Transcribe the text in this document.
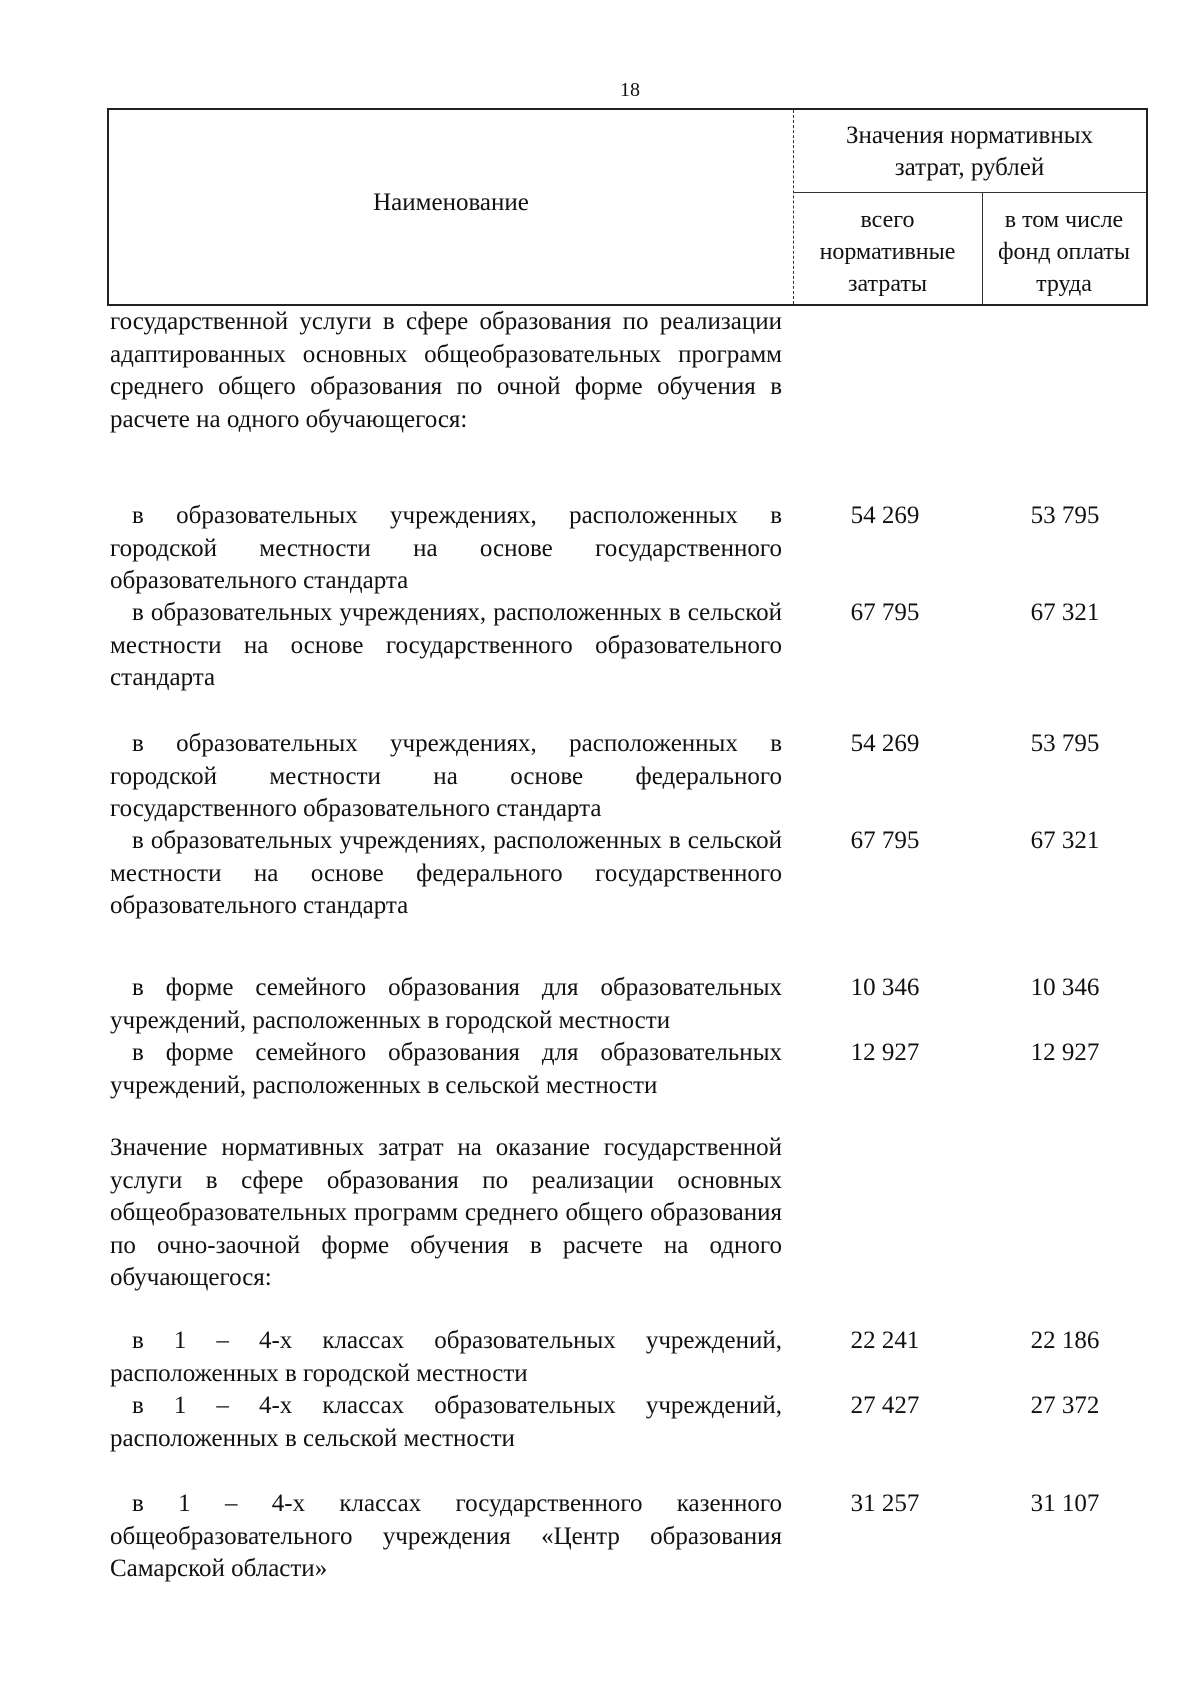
18
Наименование
Значения нормативных затрат, рублей
всего нормативные затраты
в том числе фонд оплаты труда
государственной услуги в сфере образования по реализации адаптированных основных общеобразовательных программ среднего общего образования по очной форме обучения в расчете на одного обучающегося:
в образовательных учреждениях, расположенных в городской местности на основе государственного образовательного стандарта
54 269	53 795
в образовательных учреждениях, расположенных в сельской местности на основе государственного образовательного стандарта
67 795	67 321
в образовательных учреждениях, расположенных в городской местности на основе федерального государственного образовательного стандарта
54 269	53 795
в образовательных учреждениях, расположенных в сельской местности на основе федерального государственного образовательного стандарта
67 795	67 321
в форме семейного образования для образовательных учреждений, расположенных в городской местности
10 346	10 346
в форме семейного образования для образовательных учреждений, расположенных в сельской местности
12 927	12 927
Значение нормативных затрат на оказание государственной услуги в сфере образования по реализации основных общеобразовательных программ среднего общего образования по очно-заочной форме обучения в расчете на одного обучающегося:
в 1 – 4-х классах образовательных учреждений, расположенных в городской местности
22 241	22 186
в 1 – 4-х классах образовательных учреждений, расположенных в сельской местности
27 427	27 372
в 1 – 4-х классах государственного казенного общеобразовательного учреждения «Центр образования Самарской области»
31 257	31 107
